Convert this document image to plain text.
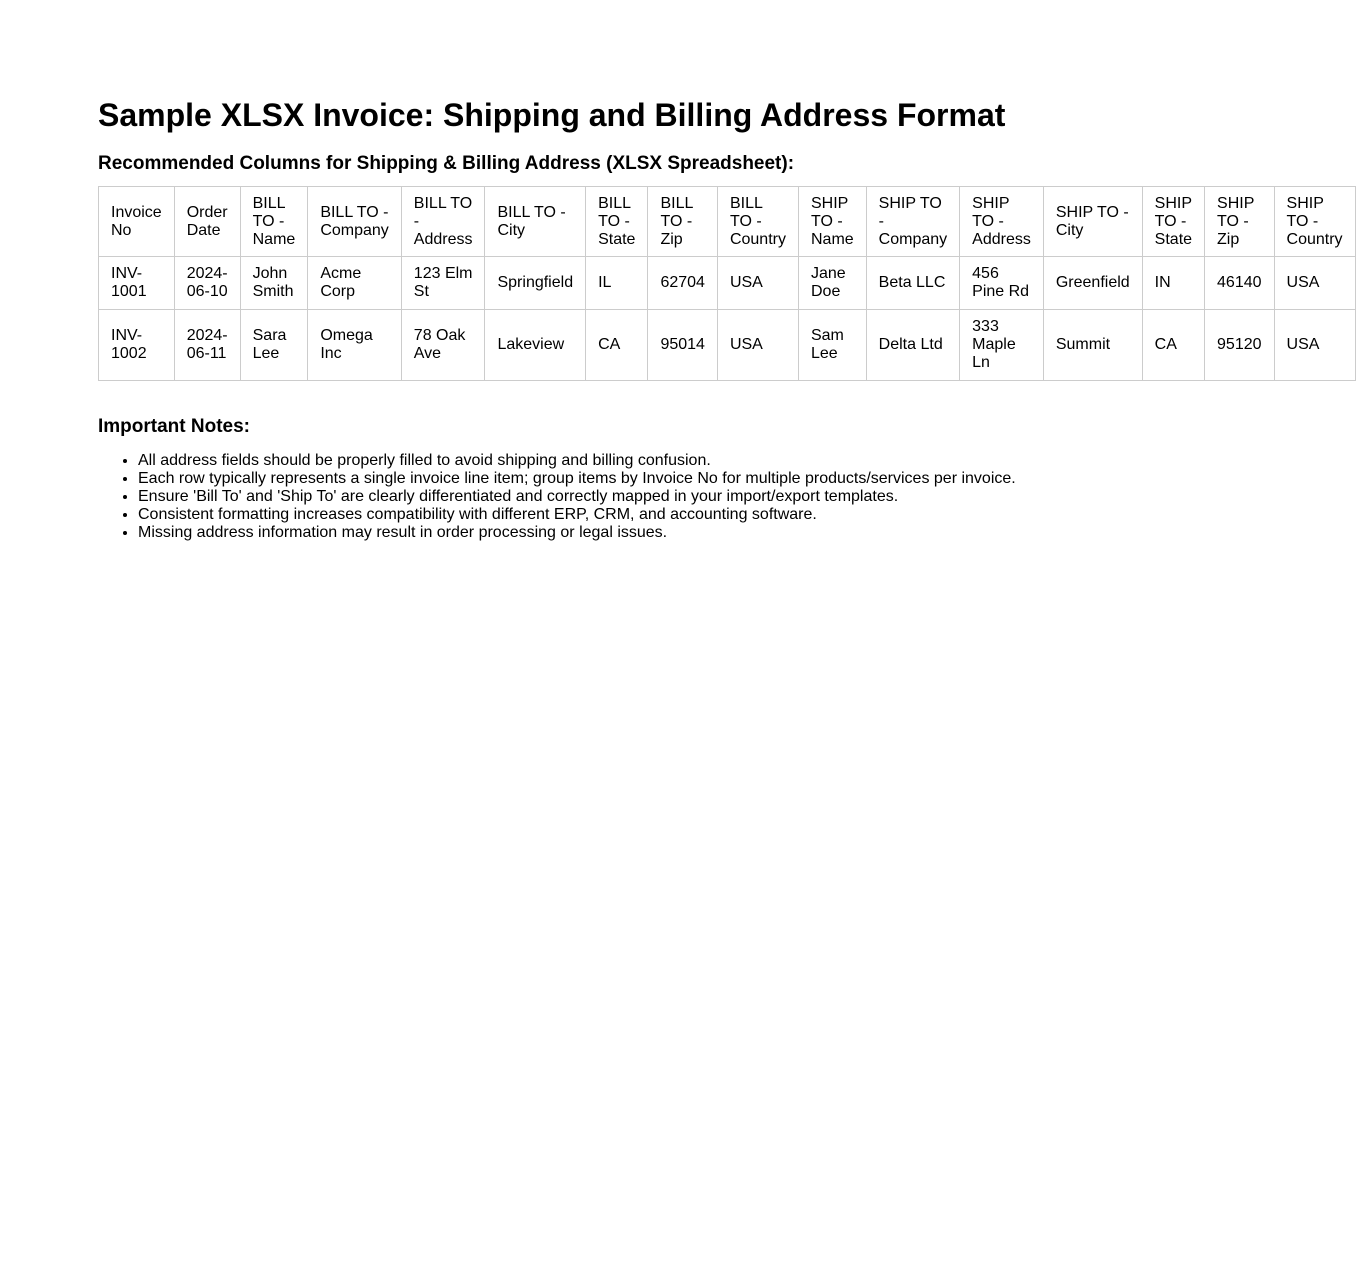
Sample XLSX Invoice: Shipping and Billing Address Format
Recommended Columns for Shipping & Billing Address (XLSX Spreadsheet):
Invoice No	Order Date	BILL TO - Name	BILL TO - Company	BILL TO - Address	BILL TO - City	BILL TO - State	BILL TO - Zip	BILL TO - Country	SHIP TO - Name	SHIP TO - Company	SHIP TO - Address	SHIP TO - City	SHIP TO - State	SHIP TO - Zip	SHIP TO - Country
INV-1001	2024-06-10	John Smith	Acme Corp	123 Elm St	Springfield	IL	62704	USA	Jane Doe	Beta LLC	456 Pine Rd	Greenfield	IN	46140	USA
INV-1002	2024-06-11	Sara Lee	Omega Inc	78 Oak Ave	Lakeview	CA	95014	USA	Sam Lee	Delta Ltd	333 Maple Ln	Summit	CA	95120	USA
Important Notes:
• All address fields should be properly filled to avoid shipping and billing confusion.
• Each row typically represents a single invoice line item; group items by Invoice No for multiple products/services per invoice.
• Ensure 'Bill To' and 'Ship To' are clearly differentiated and correctly mapped in your import/export templates.
• Consistent formatting increases compatibility with different ERP, CRM, and accounting software.
• Missing address information may result in order processing or legal issues.
